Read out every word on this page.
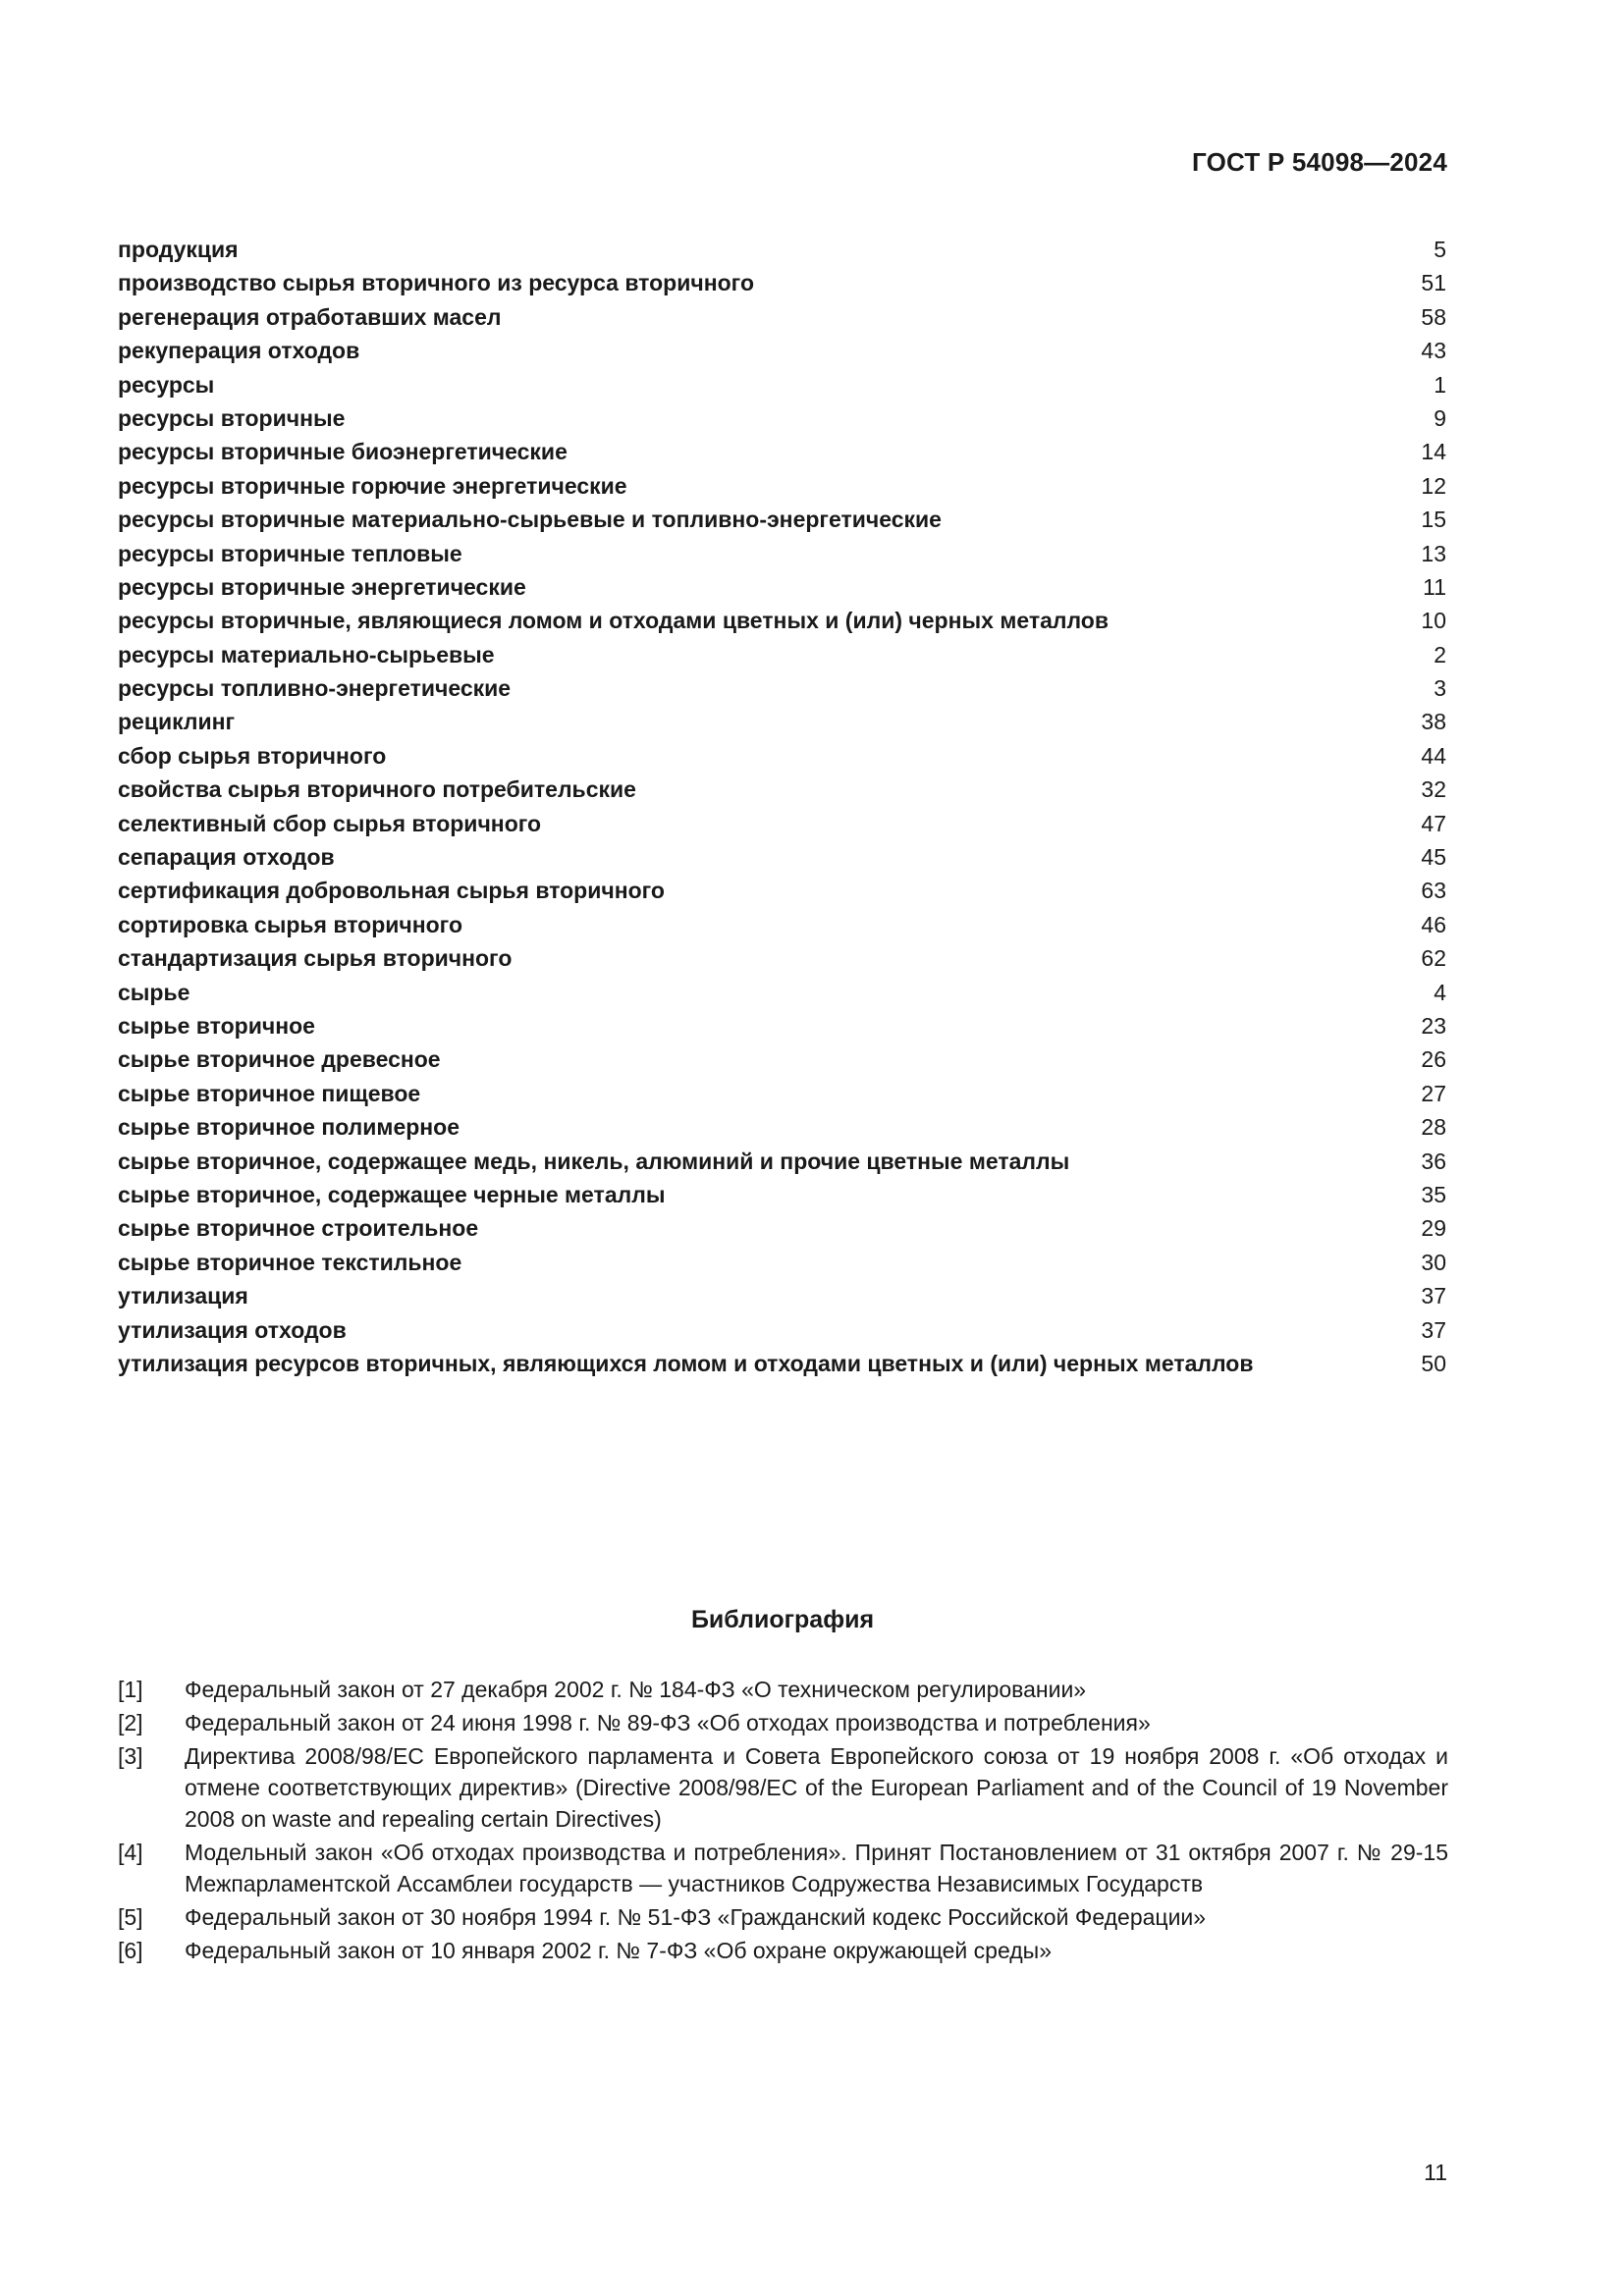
ГОСТ Р 54098—2024
продукция	5
производство сырья вторичного из ресурса вторичного	51
регенерация отработавших масел	58
рекуперация отходов	43
ресурсы	1
ресурсы вторичные	9
ресурсы вторичные биоэнергетические	14
ресурсы вторичные горючие энергетические	12
ресурсы вторичные материально-сырьевые и топливно-энергетические	15
ресурсы вторичные тепловые	13
ресурсы вторичные энергетические	11
ресурсы вторичные, являющиеся ломом и отходами цветных и (или) черных металлов	10
ресурсы материально-сырьевые	2
ресурсы топливно-энергетические	3
рециклинг	38
сбор сырья вторичного	44
свойства сырья вторичного потребительские	32
селективный сбор сырья вторичного	47
сепарация отходов	45
сертификация добровольная сырья вторичного	63
сортировка сырья вторичного	46
стандартизация сырья вторичного	62
сырье	4
сырье вторичное	23
сырье вторичное древесное	26
сырье вторичное пищевое	27
сырье вторичное полимерное	28
сырье вторичное, содержащее медь, никель, алюминий и прочие цветные металлы	36
сырье вторичное, содержащее черные металлы	35
сырье вторичное строительное	29
сырье вторичное текстильное	30
утилизация	37
утилизация отходов	37
утилизация ресурсов вторичных, являющихся ломом и отходами цветных и (или) черных металлов	50
Библиография
[1]	Федеральный закон от 27 декабря 2002 г. № 184-ФЗ «О техническом регулировании»
[2]	Федеральный закон от 24 июня 1998 г. № 89-ФЗ «Об отходах производства и потребления»
[3]	Директива 2008/98/ЕС Европейского парламента и Совета Европейского союза от 19 ноября 2008 г. «Об отходах и отмене соответствующих директив» (Directive 2008/98/EC of the European Parliament and of the Council of 19 November 2008 on waste and repealing certain Directives)
[4]	Модельный закон «Об отходах производства и потребления». Принят Постановлением от 31 октября 2007 г. № 29-15 Межпарламентской Ассамблеи государств — участников Содружества Независимых Государств
[5]	Федеральный закон от 30 ноября 1994 г. № 51-ФЗ «Гражданский кодекс Российской Федерации»
[6]	Федеральный закон от 10 января 2002 г. № 7-ФЗ «Об охране окружающей среды»
11
